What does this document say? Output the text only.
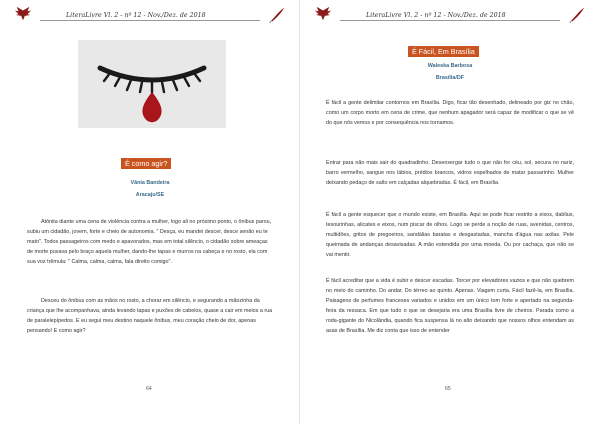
LiteraLivre Vl. 2 - nº 12 - Nov./Dez. de 2018
É como agir?
Vânia Bandeira
Aracaju/SE

Atônita diante uma cena de violência contra a mulher, logo ali no próximo ponto, o ônibus parou, subiu um cidadão, jovem, forte e cheio de autonomia. " Desça, eu mandei descer, desce senão eu te mato". Todos passageiros com medo e apavorados, mas em total silêncio, o cidadão sobre ameaças de morte puxava pelo braço aquela mulher, dando-lhe tapas e murros na cabeça e no rosto, ela com sua voz trêmula: " Calma, calma, calma, fala direito comigo".

Desceu do ônibus com as mãos no rosto, a chorar em silêncio, e segurando a mãozinha da criança que lhe acompanhava, ainda levando tapas e puxões de cabelos, quase a cair em meios a rua de paralelepípedos. E eu segui meu destino naquele ônibus, meu coração cheio de dor, apenas pensando! E como agir?

64
LiteraLivre Vl. 2 - nº 12 - Nov./Dez. de 2018
É Fácil, Em Brasília
Waleska Barbosa
Brasília/DF

É fácil a gente delimitar contornos em Brasília. Digo, ficar tão desenhado, delineado por giz no chão, como um corpo morto em cena de crime, que nenhum apagador será capaz de modificar o que se vê do que nós vemos e por consequência nos tornamos.

Entrar para não mais sair do quadradinho. Desenxergar tudo o que não for céu, sol, secura no nariz, barro vermelho, sangue nos lábios, prédios brancos, vidros espelhados de matar passarinho. Mulher deixando pedaço de salto em calçadas alquebradas. É fácil, em Brasília.

É fácil a gente esquecer que o mundo existe, em Brasília. Aqui se pode ficar restrito a eixos, dablius, tesourinhas, alicates e eixos, num piscar de olhos. Logo se perde a noção de ruas, avenidas, centros, multidões, gritos de pregoeiros, sandálias baratas e desgastadas, mancha d'água nas axilas. Pele queimada de andanças desavisadas. A mão estendida por uma moeda. Ou por cachaça, que não se vai mentir.

É fácil acreditar que a vida é subir e descer escadas. Torcer por elevadores vazios e que não quebrem no meio do caminho. Do andar. Do térreo ao quinto. Apenas. Viagem curta. Fácil fazê-la, em Brasília. Paisagens de perfumes franceses variados e unidos em um único tom forte e apertado na segunda-feira da ressaca. Em que tudo o que se desejaria era uma Brasília livre de cheiros. Parada como a roda-gigante do Nicolândia, quando fica suspensa lá no alto deixando que nossos olhos entendam as asas de Brasília. Me diz conta que isso de entender

65
